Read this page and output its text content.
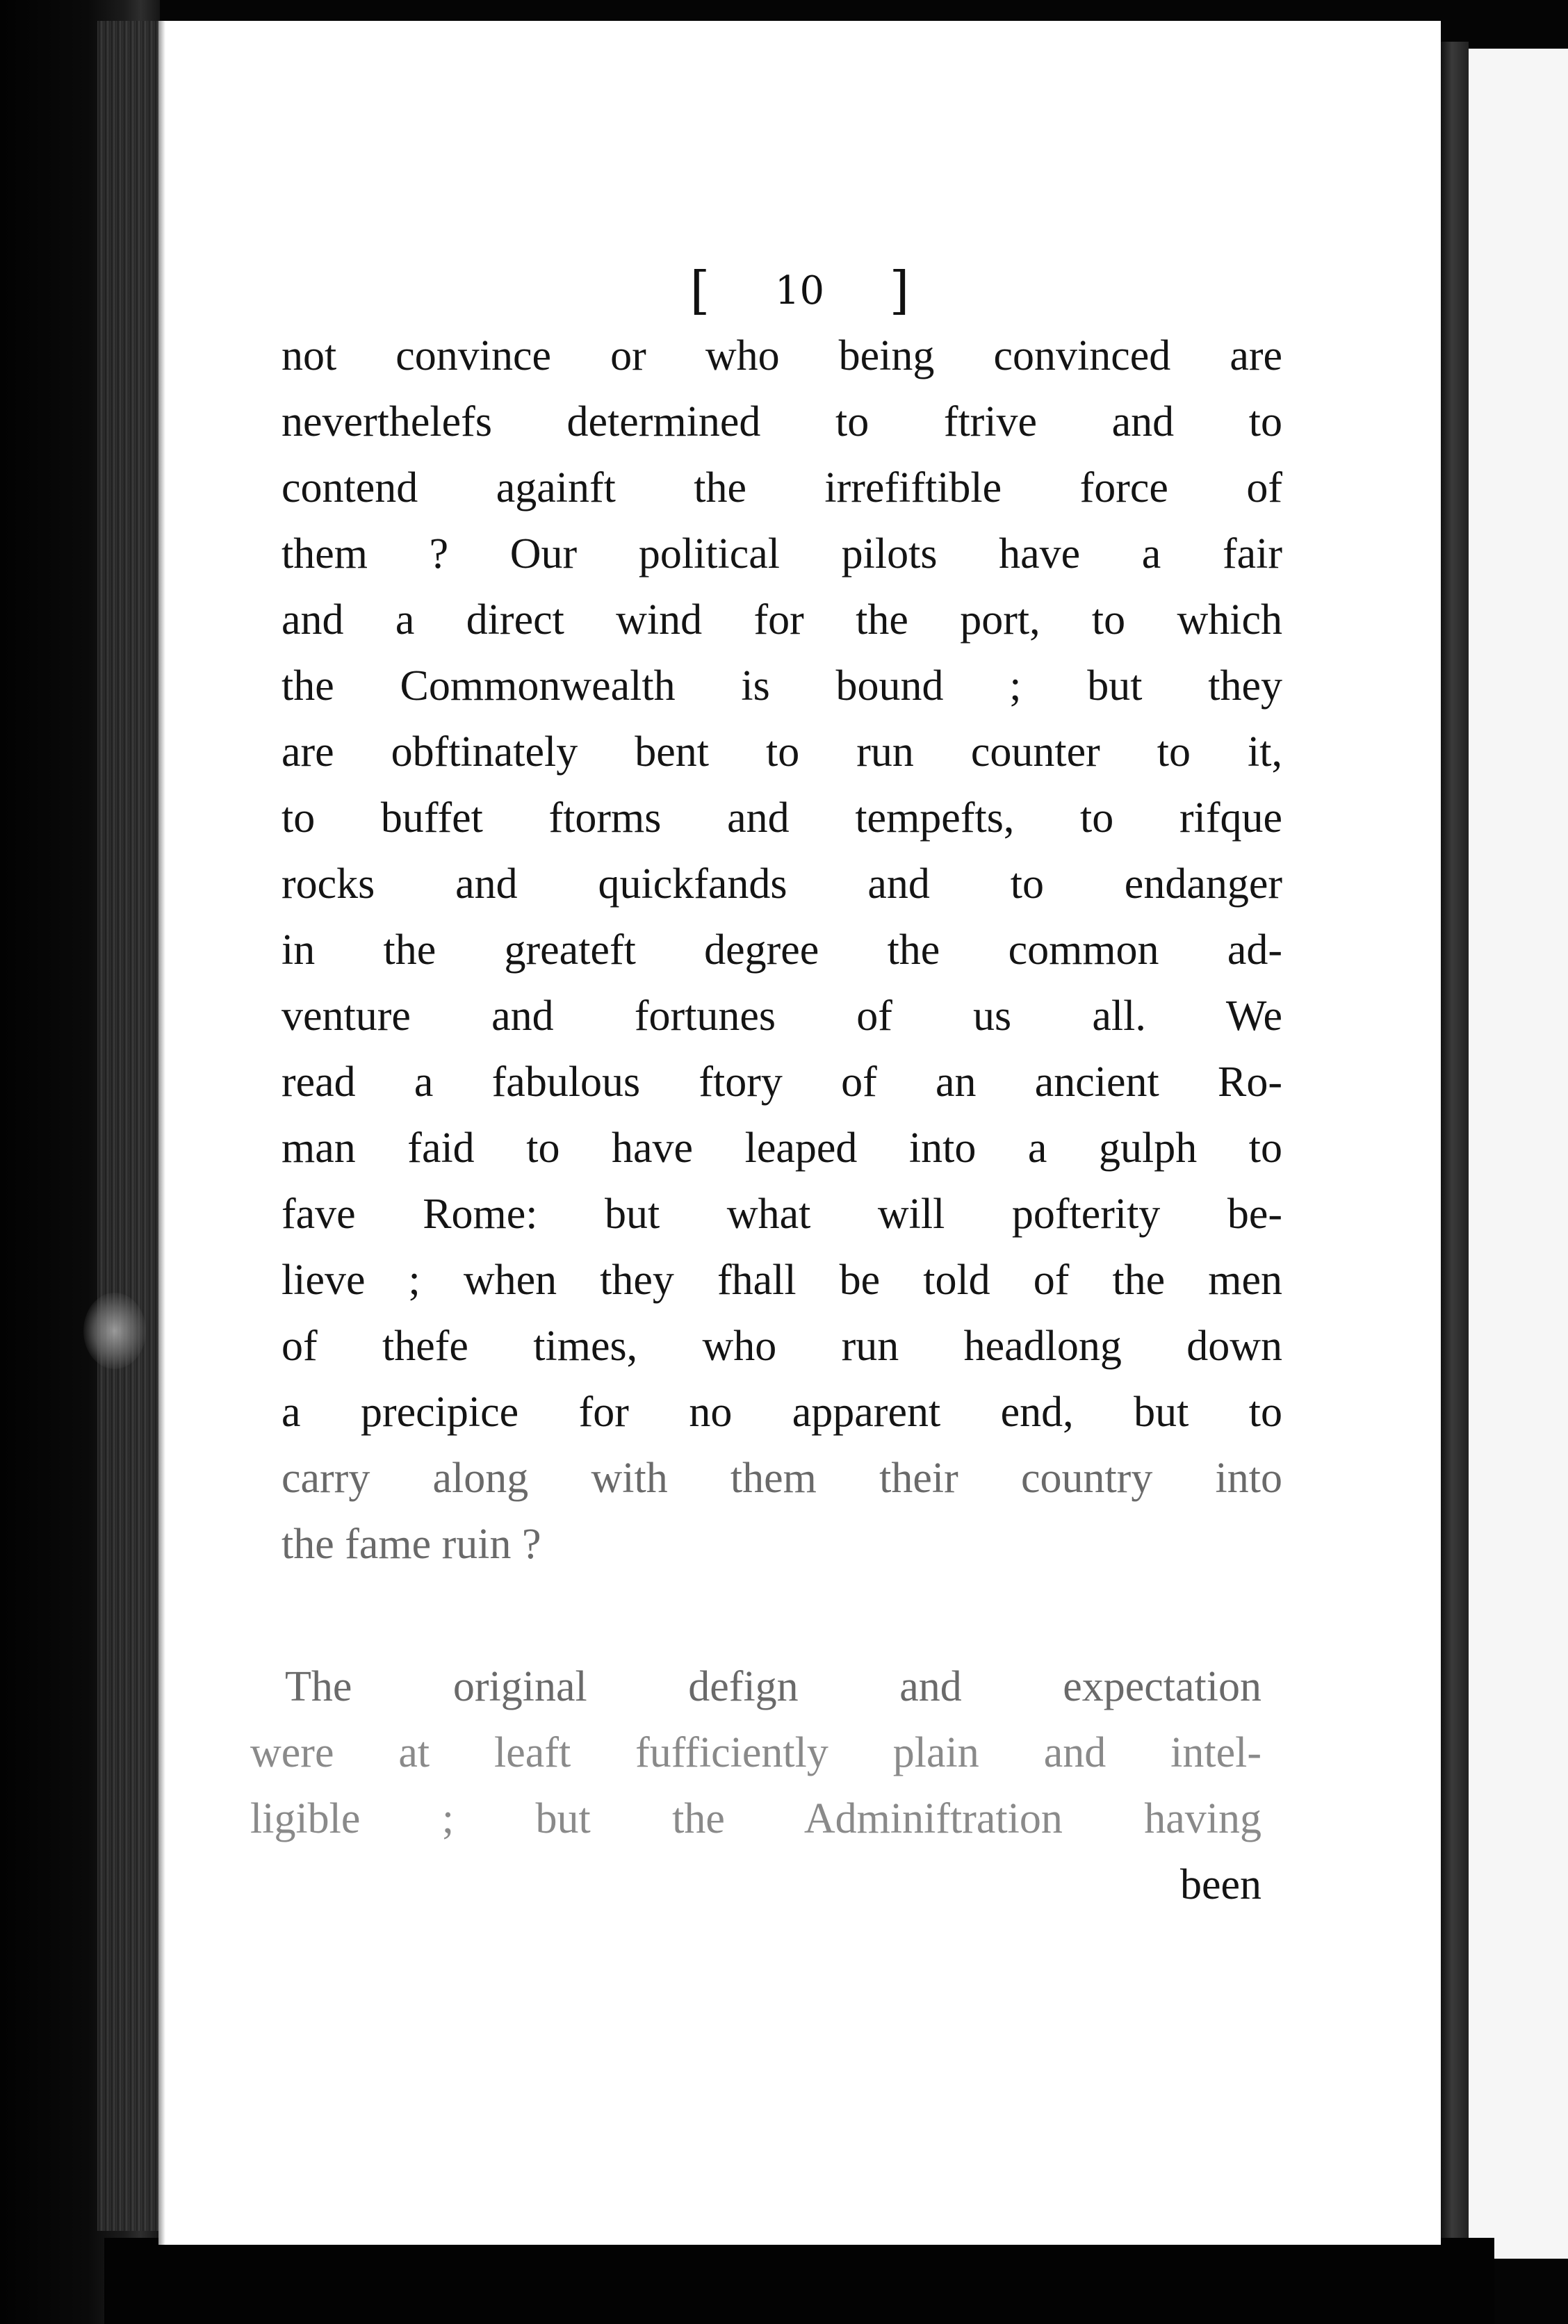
[ 10 ]
not convince or who being convinced are
neverthelefs determined to ftrive and to
contend againft the irrefiftible force of
them ? Our political pilots have a fair
and a direct wind for the port, to which
the Commonwealth is bound ; but they
are obftinately bent to run counter to it,
to buffet ftorms and tempefts, to rifque
rocks and quickfands and to endanger
in the greateft degree the common ad-
venture and fortunes of us all. We
read a fabulous ftory of an ancient Ro-
man faid to have leaped into a gulph to
fave Rome: but what will pofterity be-
lieve ; when they fhall be told of the men
of thefe times, who run headlong down
a precipice for no apparent end, but to
carry along with them their country into
the fame ruin ?
The original defign and expectation
were at leaft fufficiently plain and intel-
ligible ; but the Adminiftration having
been
